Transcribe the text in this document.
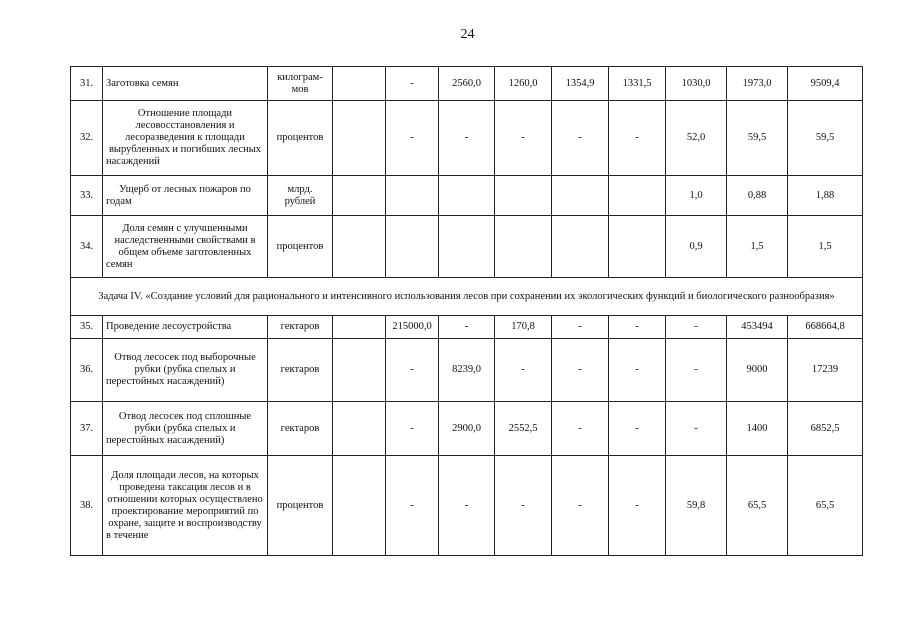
24
31.	Заготовка семян	килограм-мов		-	2560,0	1260,0	1354,9	1331,5	1030,0	1973,0	9509,4
32.	Отношение площади лесовосстановления и лесоразведения к площади вырубленных и погибших лесных насаждений	процентов		-	-	-	-	-	52,0	59,5	59,5
33.	Ущерб от лесных пожаров по годам	млрд. рублей							1,0	0,88	1,88
34.	Доля семян с улучшенными наследственными свойствами в общем объеме заготовленных семян	процентов							0,9	1,5	1,5
Задача IV. «Создание условий для рационального и интенсивного использования лесов при сохранении их экологических функций и биологического разнообразия»											
35.	Проведение лесоустройства	гектаров		215000,0	-	170,8	-	-	-	453494	668664,8
36.	Отвод лесосек под выборочные рубки (рубка спелых и перестойных насаждений)	гектаров		-	8239,0	-	-	-	-	9000	17239
37.	Отвод лесосек под сплошные рубки (рубка спелых и перестойных насаждений)	гектаров		-	2900,0	2552,5	-	-	-	1400	6852,5
38.	Доля площади лесов, на которых проведена таксация лесов и в отношении которых осуществлено проектирование мероприятий по охране, защите и воспроизводству в течение	процентов		-	-	-	-	-	59,8	65,5	65,5
